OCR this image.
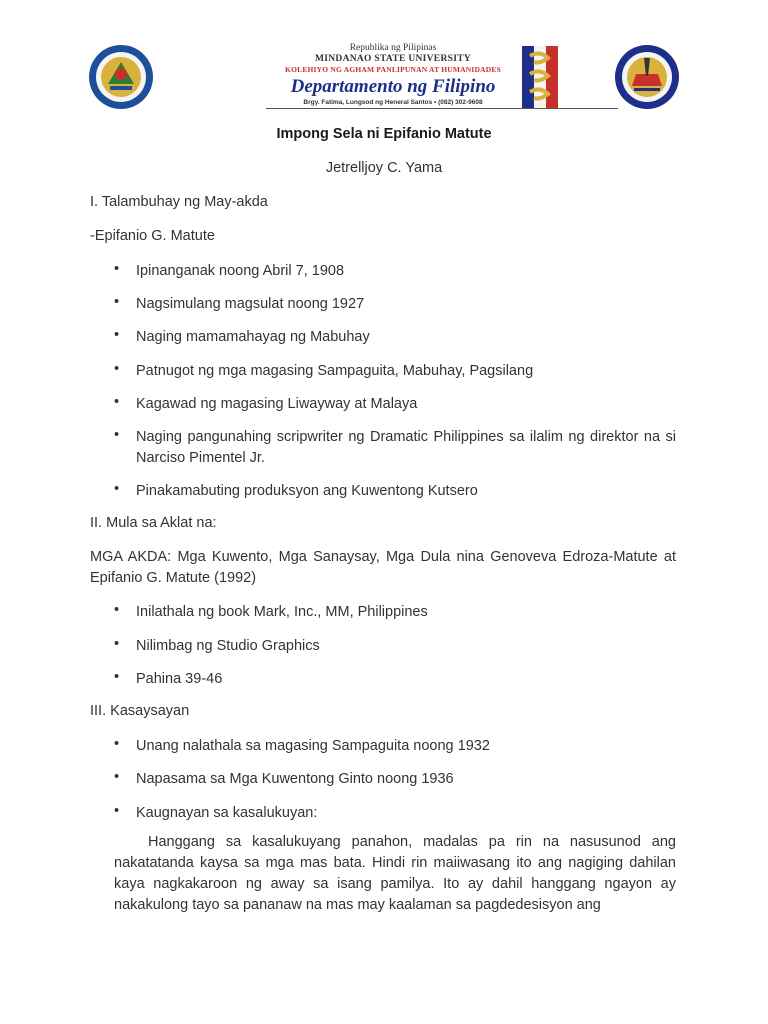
Republika ng Pilipinas
MINDANAO STATE UNIVERSITY
KOLEHIYO NG AGHAM PANLIPUNAN AT HUMANIDADES
Departamento ng Filipino
Brgy. Fatima, Lungsod ng Heneral Santos • (082) 302-9608
Impong Sela ni Epifanio Matute
Jetrelljoy C. Yama
I. Talambuhay ng May-akda
-Epifanio G. Matute
• Ipinanganak noong Abril 7, 1908
• Nagsimulang magsulat noong 1927
• Naging mamamahayag ng Mabuhay
• Patnugot ng mga magasing Sampaguita, Mabuhay, Pagsilang
• Kagawad ng magasing Liwayway at Malaya
• Naging pangunahing scripwriter ng Dramatic Philippines sa ilalim ng direktor na si Narciso Pimentel Jr.
• Pinakamabuting produksyon ang Kuwentong Kutsero
II. Mula sa Aklat na:
MGA AKDA: Mga Kuwento, Mga Sanaysay, Mga Dula nina Genoveva Edroza-Matute at Epifanio G. Matute (1992)
• Inilathala ng book Mark, Inc., MM, Philippines
• Nilimbag ng Studio Graphics
• Pahina 39-46
III. Kasaysayan
• Unang nalathala sa magasing Sampaguita noong 1932
• Napasama sa Mga Kuwentong Ginto noong 1936
• Kaugnayan sa kasalukuyan:
Hanggang sa kasalukuyang panahon, madalas pa rin na nasusunod ang nakatatanda kaysa sa mga mas bata. Hindi rin maiiwasang ito ang nagiging dahilan kaya nagkakaroon ng away sa isang pamilya. Ito ay dahil hanggang ngayon ay nakakulong tayo sa pananaw na mas may kaalaman sa pagdedesisyon ang
